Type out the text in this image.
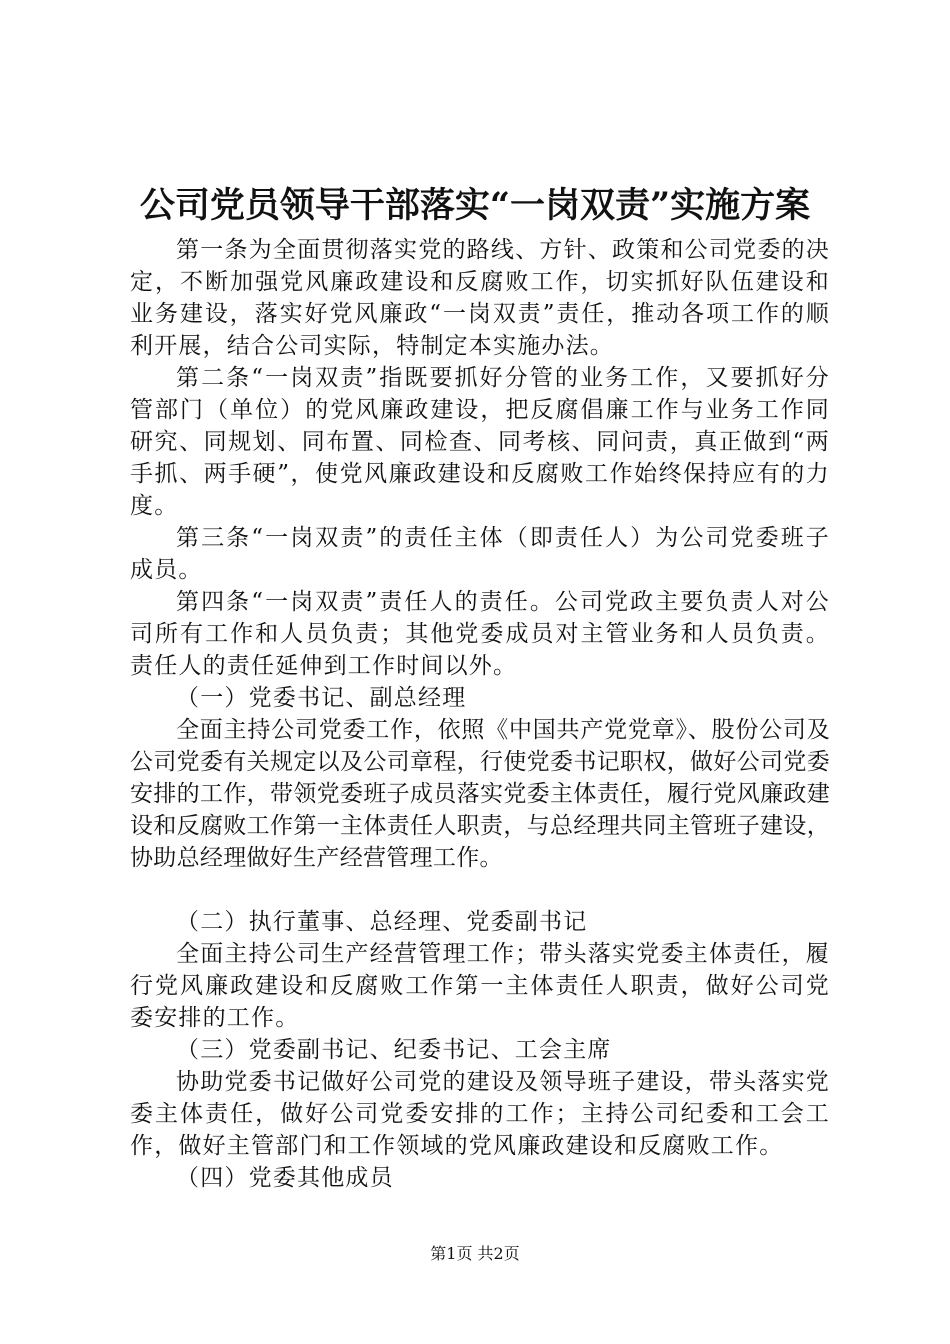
公司党员领导干部落实“一岗双责”实施方案

第一条为全面贯彻落实党的路线、方针、政策和公司党委的决定，不断加强党风廉政建设和反腐败工作，切实抓好队伍建设和业务建设，落实好党风廉政“一岗双责”责任，推动各项工作的顺利开展，结合公司实际，特制定本实施办法。

第二条“一岗双责”指既要抓好分管的业务工作，又要抓好分管部门（单位）的党风廉政建设，把反腐倡廉工作与业务工作同研究、同规划、同布置、同检查、同考核、同问责，真正做到“两手抓、两手硬”，使党风廉政建设和反腐败工作始终保持应有的力度。

第三条“一岗双责”的责任主体（即责任人）为公司党委班子成员。

第四条“一岗双责”责任人的责任。公司党政主要负责人对公司所有工作和人员负责；其他党委成员对主管业务和人员负责。责任人的责任延伸到工作时间以外。

（一）党委书记、副总经理

全面主持公司党委工作，依照《中国共产党党章》、股份公司及公司党委有关规定以及公司章程，行使党委书记职权，做好公司党委安排的工作，带领党委班子成员落实党委主体责任，履行党风廉政建设和反腐败工作第一主体责任人职责，与总经理共同主管班子建设，协助总经理做好生产经营管理工作。

（二）执行董事、总经理、党委副书记

全面主持公司生产经营管理工作；带头落实党委主体责任，履行党风廉政建设和反腐败工作第一主体责任人职责，做好公司党委安排的工作。

（三）党委副书记、纪委书记、工会主席

协助党委书记做好公司党的建设及领导班子建设，带头落实党委主体责任，做好公司党委安排的工作；主持公司纪委和工会工作，做好主管部门和工作领域的党风廉政建设和反腐败工作。

（四）党委其他成员

第1页 共2页
